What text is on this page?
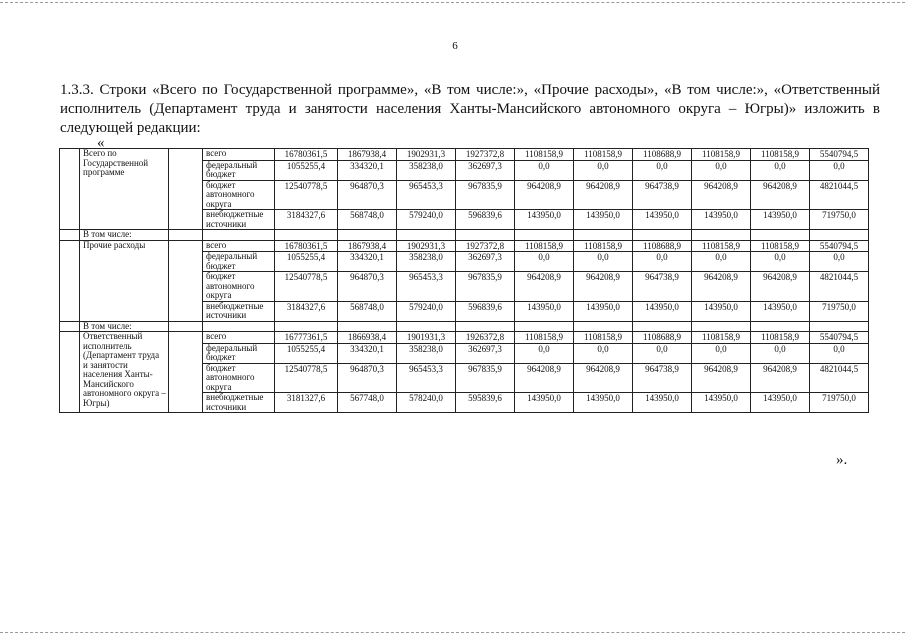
6
1.3.3. Строки «Всего по Государственной программе», «В том числе:», «Прочие расходы», «В том числе:», «Ответственный исполнитель (Департамент труда и занятости населения Ханты-Мансийского автономного округа – Югры)» изложить в следующей редакции:
«
	Всего по Государственной программе		всего	16780361,5	1867938,4	1902931,3	1927372,8	1108158,9	1108158,9	1108688,9	1108158,9	1108158,9	5540794,5
			федеральный бюджет	1055255,4	334320,1	358238,0	362697,3	0,0	0,0	0,0	0,0	0,0	0,0
			бюджет автономного округа	12540778,5	964870,3	965453,3	967835,9	964208,9	964208,9	964738,9	964208,9	964208,9	4821044,5
			внебюджетные источники	3184327,6	568748,0	579240,0	596839,6	143950,0	143950,0	143950,0	143950,0	143950,0	719750,0
	В том числе:												
	Прочие расходы		всего	16780361,5	1867938,4	1902931,3	1927372,8	1108158,9	1108158,9	1108688,9	1108158,9	1108158,9	5540794,5
			федеральный бюджет	1055255,4	334320,1	358238,0	362697,3	0,0	0,0	0,0	0,0	0,0	0,0
			бюджет автономного округа	12540778,5	964870,3	965453,3	967835,9	964208,9	964208,9	964738,9	964208,9	964208,9	4821044,5
			внебюджетные источники	3184327,6	568748,0	579240,0	596839,6	143950,0	143950,0	143950,0	143950,0	143950,0	719750,0
	В том числе:												
	Ответственный исполнитель (Департамент труда и занятости населения Ханты-Мансийского автономного округа – Югры)		всего	16777361,5	1866938,4	1901931,3	1926372,8	1108158,9	1108158,9	1108688,9	1108158,9	1108158,9	5540794,5
			федеральный бюджет	1055255,4	334320,1	358238,0	362697,3	0,0	0,0	0,0	0,0	0,0	0,0
			бюджет автономного округа	12540778,5	964870,3	965453,3	967835,9	964208,9	964208,9	964738,9	964208,9	964208,9	4821044,5
			внебюджетные источники	3181327,6	567748,0	578240,0	595839,6	143950,0	143950,0	143950,0	143950,0	143950,0	719750,0
».
